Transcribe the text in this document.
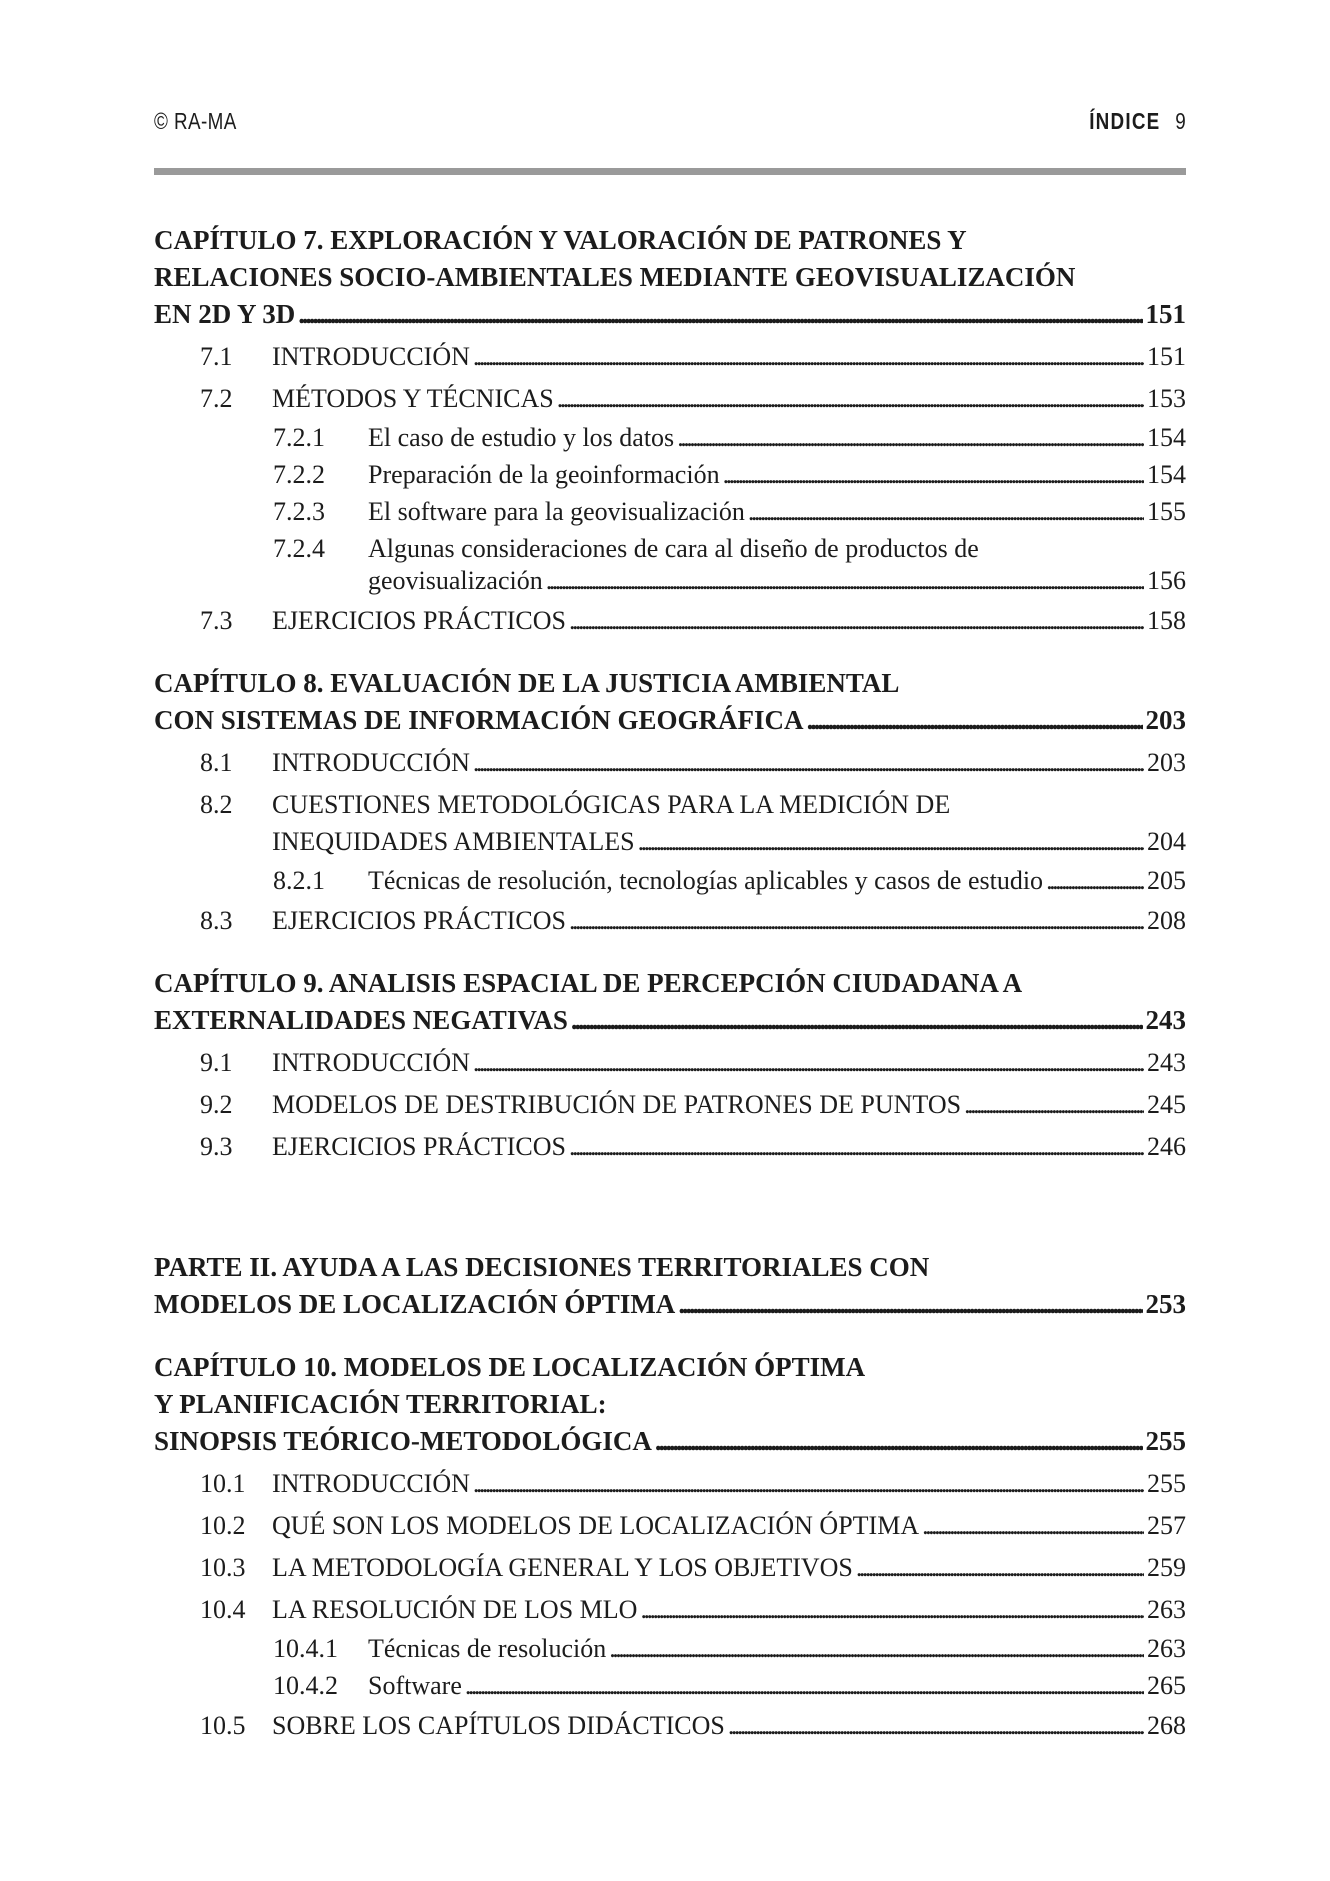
© RA-MA	ÍNDICE 9
CAPÍTULO 7. EXPLORACIÓN Y VALORACIÓN DE PATRONES Y
RELACIONES SOCIO-AMBIENTALES MEDIANTE GEOVISUALIZACIÓN
EN 2D Y 3D . . .	151
7.1 INTRODUCCIÓN . . .	151
7.2 MÉTODOS Y TÉCNICAS . . .	153
7.2.1 El caso de estudio y los datos . . .	154
7.2.2 Preparación de la geoinformación . . .	154
7.2.3 El software para la geovisualización . . .	155
7.2.4 Algunas consideraciones de cara al diseño de productos de
geovisualización . . .	156
7.3 EJERCICIOS PRÁCTICOS . . .	158
CAPÍTULO 8. EVALUACIÓN DE LA JUSTICIA AMBIENTAL
CON SISTEMAS DE INFORMACIÓN GEOGRÁFICA . . .	203
8.1 INTRODUCCIÓN . . .	203
8.2 CUESTIONES METODOLÓGICAS PARA LA MEDICIÓN DE
INEQUIDADES AMBIENTALES . . .	204
8.2.1 Técnicas de resolución, tecnologías aplicables y casos de estudio . . .	205
8.3 EJERCICIOS PRÁCTICOS . . .	208
CAPÍTULO 9. ANALISIS ESPACIAL DE PERCEPCIÓN CIUDADANA A
EXTERNALIDADES NEGATIVAS . . .	243
9.1 INTRODUCCIÓN . . .	243
9.2 MODELOS DE DESTRIBUCIÓN DE PATRONES DE PUNTOS . . .	245
9.3 EJERCICIOS PRÁCTICOS . . .	246
PARTE II. AYUDA A LAS DECISIONES TERRITORIALES CON
MODELOS DE LOCALIZACIÓN ÓPTIMA . . .	253
CAPÍTULO 10. MODELOS DE LOCALIZACIÓN ÓPTIMA
Y PLANIFICACIÓN TERRITORIAL:
SINOPSIS TEÓRICO-METODOLÓGICA . . .	255
10.1 INTRODUCCIÓN . . .	255
10.2 QUÉ SON LOS MODELOS DE LOCALIZACIÓN ÓPTIMA . . .	257
10.3 LA METODOLOGÍA GENERAL Y LOS OBJETIVOS . . .	259
10.4 LA RESOLUCIÓN DE LOS MLO . . .	263
10.4.1 Técnicas de resolución . . .	263
10.4.2 Software . . .	265
10.5 SOBRE LOS CAPÍTULOS DIDÁCTICOS . . .	268
